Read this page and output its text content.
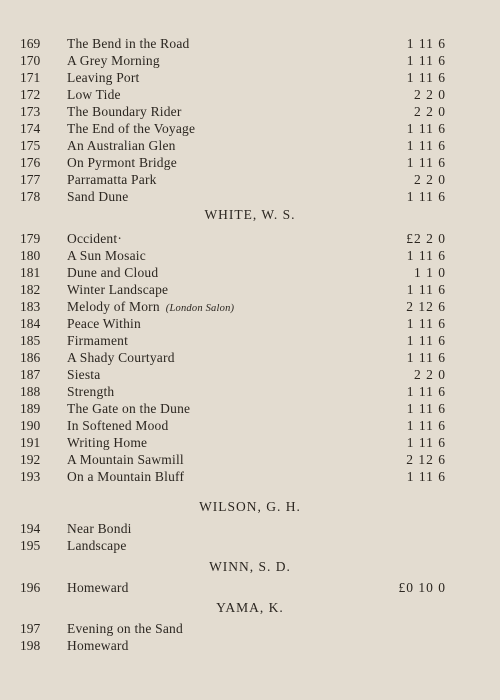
169 The Bend in the Road	1 11 6
170 A Grey Morning	1 11 6
171 Leaving Port	1 11 6
172 Low Tide	2 2 0
173 The Boundary Rider	2 2 0
174 The End of the Voyage	1 11 6
175 An Australian Glen	1 11 6
176 On Pyrmont Bridge	1 11 6
177 Parramatta Park	2 2 0
178 Sand Dune	1 11 6
WHITE, W. S.
179 Occident·	£2 2 0
180 A Sun Mosaic	1 11 6
181 Dune and Cloud	1 1 0
182 Winter Landscape	1 11 6
183 Melody of Morn (London Salon)	2 12 6
184 Peace Within	1 11 6
185 Firmament	1 11 6
186 A Shady Courtyard	1 11 6
187 Siesta	2 2 0
188 Strength	1 11 6
189 The Gate on the Dune	1 11 6
190 In Softened Mood	1 11 6
191 Writing Home	1 11 6
192 A Mountain Sawmill	2 12 6
193 On a Mountain Bluff	1 11 6
WILSON, G. H.
194 Near Bondi
195 Landscape
WINN, S. D.
196 Homeward	£0 10 0
YAMA, K.
197 Evening on the Sand
198 Homeward
